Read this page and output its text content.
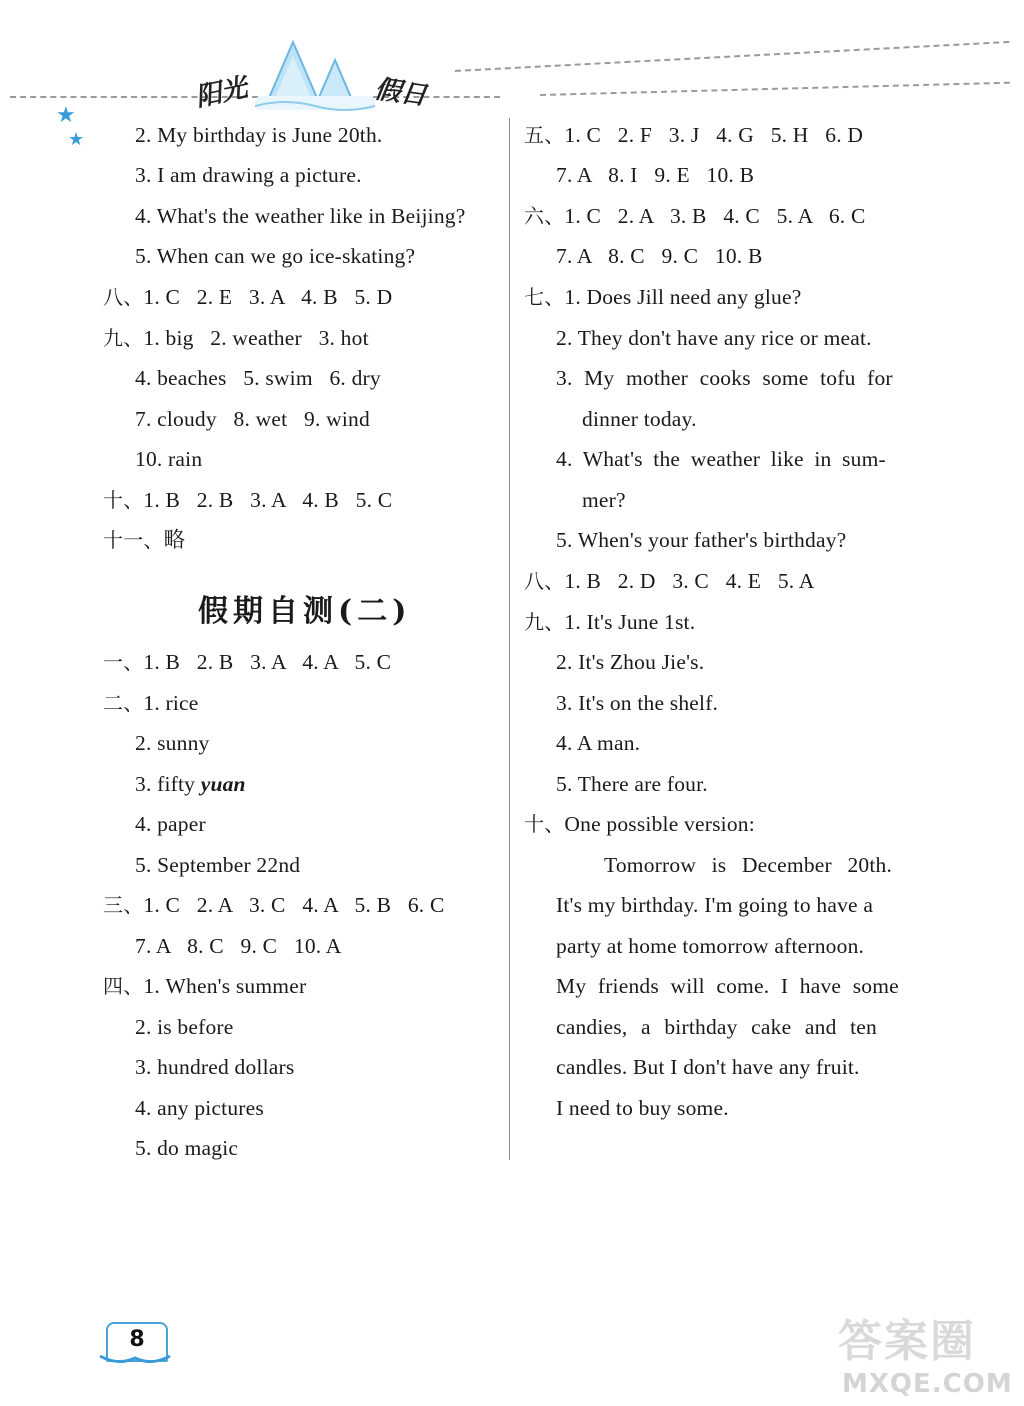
★
★
阳光	假日
2. My birthday is June 20th.
3. I am drawing a picture.
4. What's the weather like in Beijing?
5. When can we go ice-skating?
八、1. C   2. E   3. A   4. B   5. D
九、1. big   2. weather   3. hot
4. beaches   5. swim   6. dry
7. cloudy   8. wet   9. wind
10. rain
十、1. B   2. B   3. A   4. B   5. C
十一、略
假期自测(二)
一、1. B   2. B   3. A   4. A   5. C
二、1. rice
2. sunny
3. fifty yuan
4. paper
5. September 22nd
三、1. C   2. A   3. C   4. A   5. B   6. C
7. A   8. C   9. C   10. A
四、1. When's summer
2. is before
3. hundred dollars
4. any pictures
5. do magic
五、1. C   2. F   3. J   4. G   5. H   6. D
7. A   8. I   9. E   10. B
六、1. C   2. A   3. B   4. C   5. A   6. C
7. A   8. C   9. C   10. B
七、1. Does Jill need any glue?
2. They don't have any rice or meat.
3. My mother cooks some tofu for
dinner today.
4. What's the weather like in sum-
mer?
5. When's your father's birthday?
八、1. B   2. D   3. C   4. E   5. A
九、1. It's June 1st.
2. It's Zhou Jie's.
3. It's on the shelf.
4. A man.
5. There are four.
十、One possible version:
Tomorrow is December 20th.
It's my birthday. I'm going to have a
party at home tomorrow afternoon.
My friends will come. I have some
candies, a birthday cake and ten
candles. But I don't have any fruit.
I need to buy some.
8	答案圈
MXQE.COM
